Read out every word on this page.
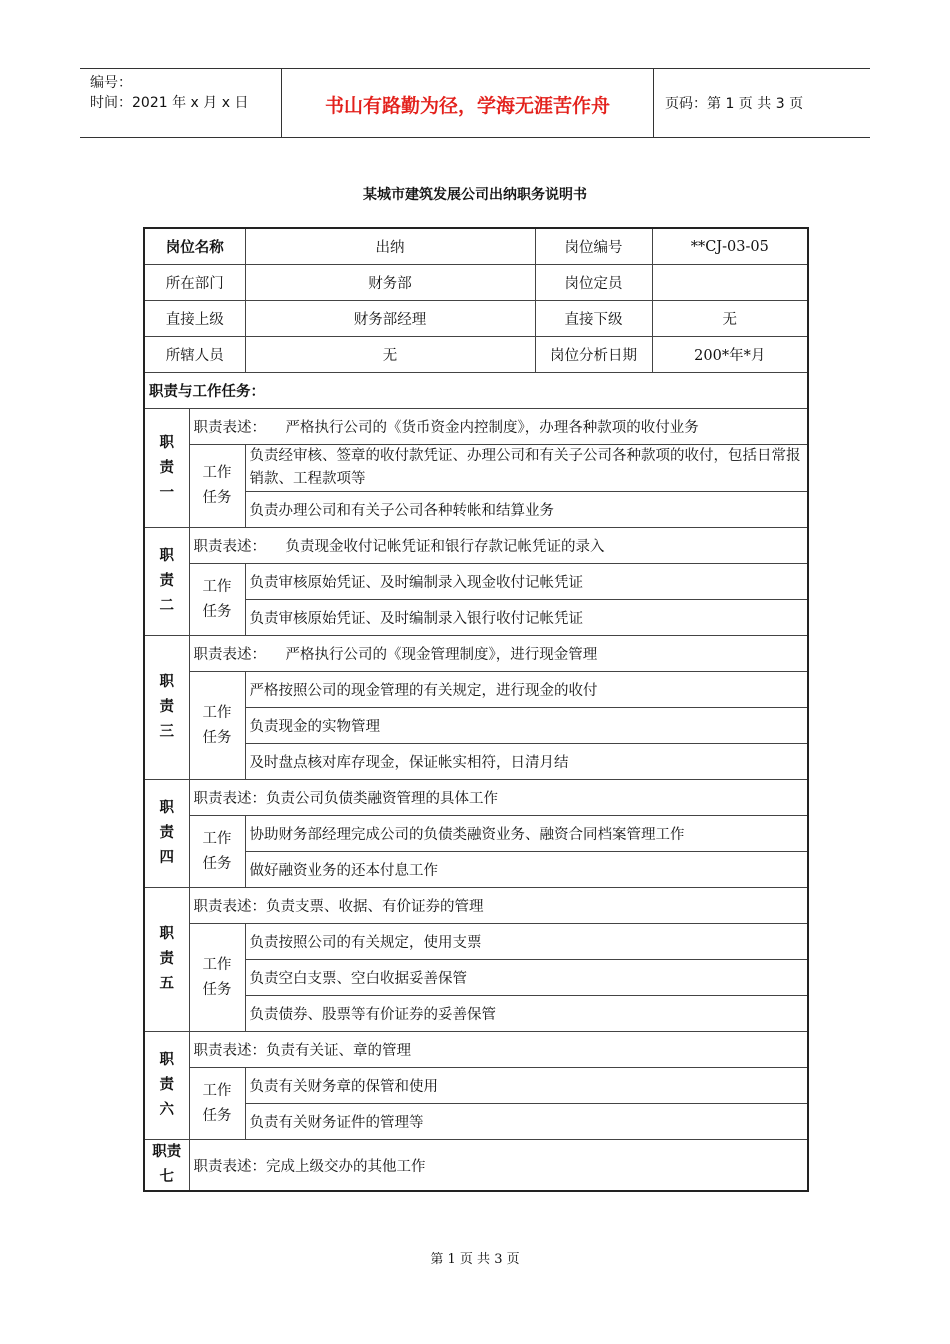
编号：
时间：2021 年 x 月 x 日	书山有路勤为径，学海无涯苦作舟	页码：第 1 页 共 3 页
某城市建筑发展公司出纳职务说明书
岗位名称		出纳	岗位编号	**CJ-03-05
所在部门		财务部	岗位定员	
直接上级		财务部经理	直接下级	无
所辖人员		无	岗位分析日期	200*年*月
职责与工作任务：				
职
责
一	职责表述： 严格执行公司的《货币资金内控制度》，办理各种款项的收付业务			
	工作
任务	负责经审核、签章的收付款凭证、办理公司和有关子公司各种款项的收付，包括日常报销款、工程款项等		
		负责办理公司和有关子公司各种转帐和结算业务		
职
责
二	职责表述： 负责现金收付记帐凭证和银行存款记帐凭证的录入			
	工作
任务	负责审核原始凭证、及时编制录入现金收付记帐凭证		
		负责审核原始凭证、及时编制录入银行收付记帐凭证		
职
责
三	职责表述： 严格执行公司的《现金管理制度》，进行现金管理			
	工作
任务	严格按照公司的现金管理的有关规定，进行现金的收付		
		负责现金的实物管理		
		及时盘点核对库存现金，保证帐实相符，日清月结		
职
责
四	职责表述：负责公司负债类融资管理的具体工作			
	工作
任务	协助财务部经理完成公司的负债类融资业务、融资合同档案管理工作		
		做好融资业务的还本付息工作		
职
责
五	职责表述：负责支票、收据、有价证券的管理			
	工作
任务	负责按照公司的有关规定，使用支票		
		负责空白支票、空白收据妥善保管		
		负责债券、股票等有价证券的妥善保管		
职
责
六	职责表述：负责有关证、章的管理			
	工作
任务	负责有关财务章的保管和使用		
		负责有关财务证件的管理等		
职责
七	职责表述：完成上级交办的其他工作			
第 1 页 共 3 页
